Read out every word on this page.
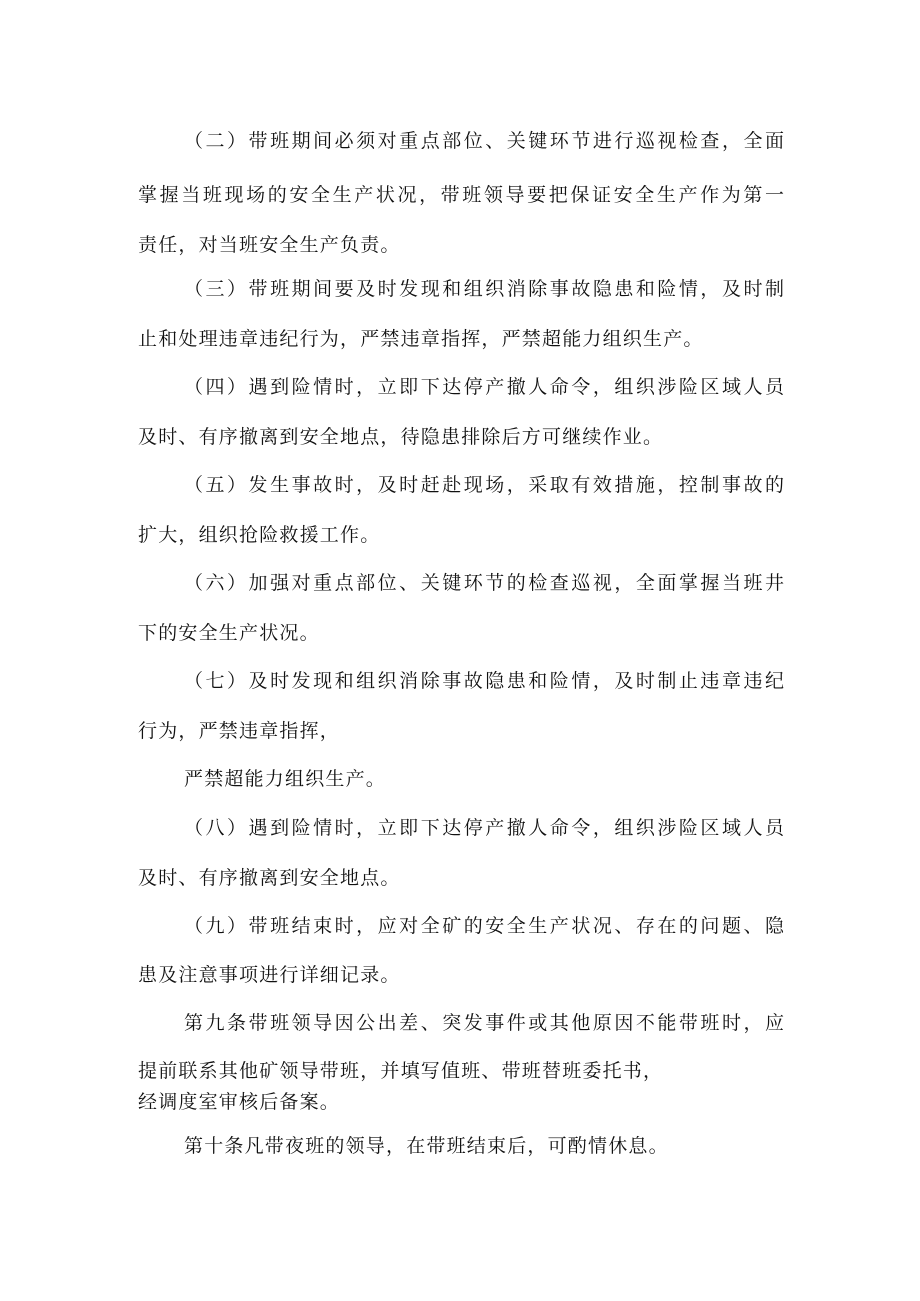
（二）带班期间必须对重点部位、关键环节进行巡视检查，全面
掌握当班现场的安全生产状况，带班领导要把保证安全生产作为第一
责任，对当班安全生产负责。
（三）带班期间要及时发现和组织消除事故隐患和险情，及时制
止和处理违章违纪行为，严禁违章指挥，严禁超能力组织生产。
（四）遇到险情时，立即下达停产撤人命令，组织涉险区域人员
及时、有序撤离到安全地点，待隐患排除后方可继续作业。
（五）发生事故时，及时赶赴现场，采取有效措施，控制事故的
扩大，组织抢险救援工作。
（六）加强对重点部位、关键环节的检查巡视，全面掌握当班井
下的安全生产状况。
（七）及时发现和组织消除事故隐患和险情，及时制止违章违纪
行为，严禁违章指挥，
严禁超能力组织生产。
（八）遇到险情时，立即下达停产撤人命令，组织涉险区域人员
及时、有序撤离到安全地点。
（九）带班结束时，应对全矿的安全生产状况、存在的问题、隐
患及注意事项进行详细记录。
第九条带班领导因公出差、突发事件或其他原因不能带班时，应
提前联系其他矿领导带班，并填写值班、带班替班委托书，
经调度室审核后备案。
第十条凡带夜班的领导，在带班结束后，可酌情休息。
